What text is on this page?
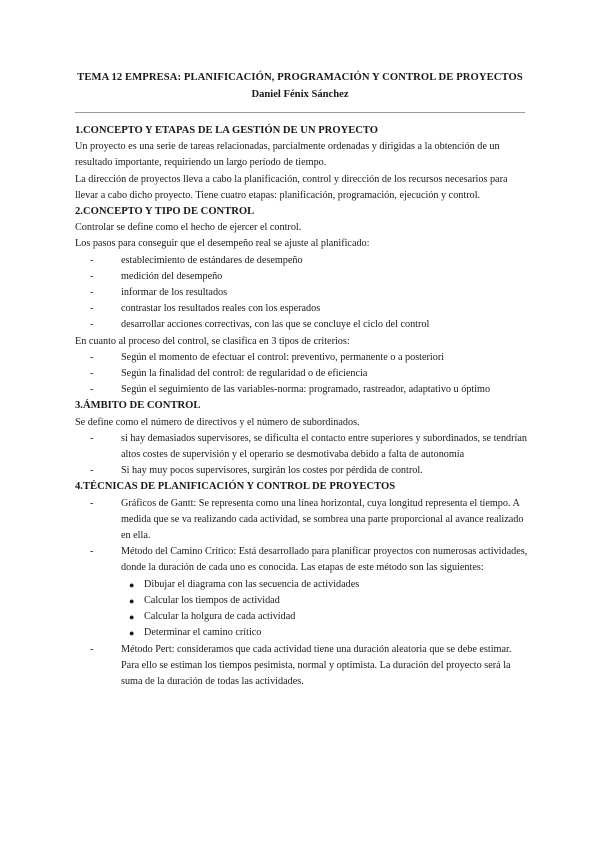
TEMA 12 EMPRESA: PLANIFICACIÓN, PROGRAMACIÓN Y CONTROL DE PROYECTOS
Daniel Fénix Sánchez
1.CONCEPTO Y ETAPAS DE LA GESTIÓN DE UN PROYECTO

Un proyecto es una serie de tareas relacionadas, parcialmente ordenadas y dirigidas a la obtención de un resultado importante, requiriendo un largo período de tiempo.

La dirección de proyectos lleva a cabo la planificación, control y dirección de los recursos necesarios para llevar a cabo dicho proyecto. Tiene cuatro etapas: planificación, programación, ejecución y control.

2.CONCEPTO Y TIPO DE CONTROL

Controlar se define como el hecho de ejercer el control.

Los pasos para conseguir que el desempeño real se ajuste al planificado:

-	establecimiento de estándares de desempeño
-	medición del desempeño
-	informar de los resultados
-	contrastar los resultados reales con los esperados
-	desarrollar acciones correctivas, con las que se concluye el ciclo del control

En cuanto al proceso del control, se clasifica en 3 tipos de criterios:

-	Según el momento de efectuar el control: preventivo, permanente o a posteriori
-	Según la finalidad del control: de regularidad o de eficiencia
-	Según el seguimiento de las variables-norma: programado, rastreador, adaptativo u óptimo
3.ÁMBITO DE CONTROL

Se define como el número de directivos y el número de subordinados.

-	si hay demasiados supervisores, se dificulta el contacto entre superiores y subordinados, se tendrían altos costes de supervisión y el operario se desmotivaba debido a falta de autonomía
-	Si hay muy pocos supervisores, surgirán los costes por pérdida de control.
4.TÉCNICAS DE PLANIFICACIÓN Y CONTROL DE PROYECTOS
-	Gráficos de Gantt: Se representa como una línea horizontal, cuya longitud representa el tiempo. A medida que se va realizando cada actividad, se sombrea una parte proporcional al avance realizado en ella.
-	Método del Camino Crítico: Está desarrollado para planificar proyectos con numerosas actividades, donde la duración de cada uno es conocida. Las etapas de este método son las siguientes:
● Dibujar el diagrama con las secuencia de actividades
● Calcular los tiempos de actividad
● Calcular la holgura de cada actividad
● Determinar el camino crítico
-	Método Pert: consideramos que cada actividad tiene una duración aleatoria que se debe estimar. Para ello se estiman los tiempos pesimista, normal y optimista. La duración del proyecto será la suma de la duración de todas las actividades.
